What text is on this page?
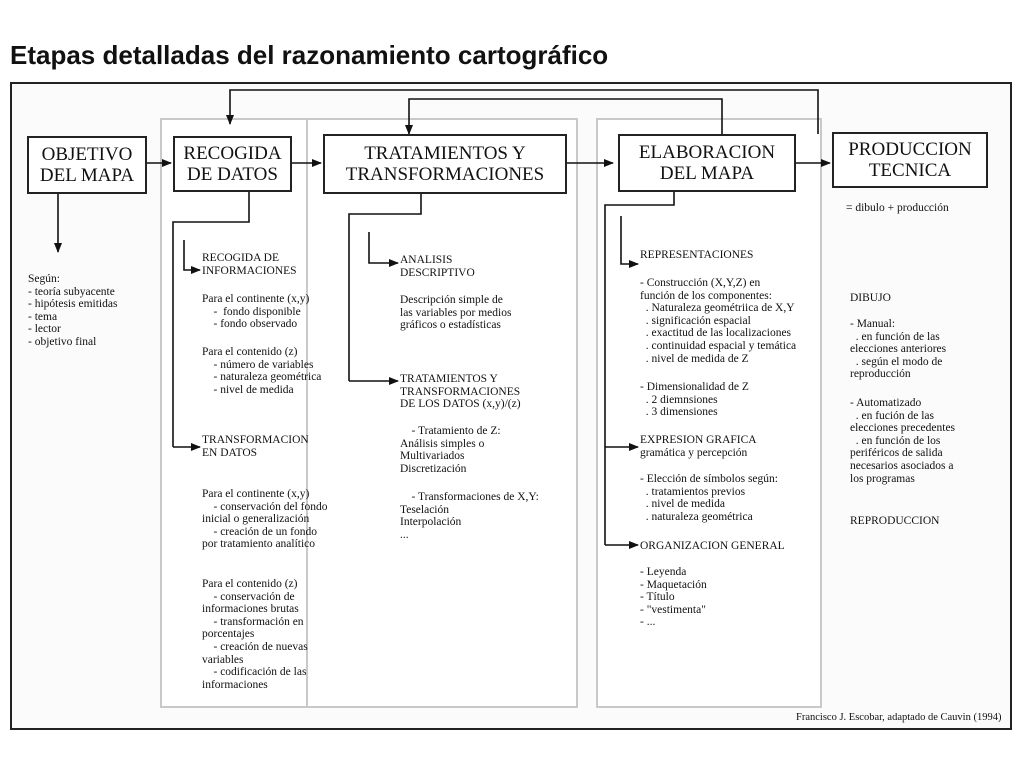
Etapas detalladas del razonamiento cartográfico
OBJETIVO
DEL MAPA
RECOGIDA
DE DATOS
TRATAMIENTOS Y
TRANSFORMACIONES
ELABORACION
DEL MAPA
PRODUCCION
TECNICA
Según:
- teoría subyacente
- hipótesis emitidas
- tema
- lector
- objetivo final
RECOGIDA DE
INFORMACIONES
Para el continente (x,y)
-  fondo disponible
- fondo observado
Para el contenido (z)
- número de variables
- naturaleza geométrica
- nivel de medida
TRANSFORMACION
EN DATOS
Para el continente (x,y)
- conservación del fondo
inicial o generalización
- creación de un fondo
por tratamiento analítico
Para el contenido (z)
- conservación de
informaciones brutas
- transformación en
porcentajes
- creación de nuevas
variables
- codificación de las
informaciones
ANALISIS
DESCRIPTIVO
Descripción simple de
las variables por medios
gráficos o estadísticas
TRATAMIENTOS Y
TRANSFORMACIONES
DE LOS DATOS (x,y)/(z)
- Tratamiento de Z:
Análisis simples o
Multivariados
Discretización
- Transformaciones de X,Y:
Teselación
Interpolación
...
REPRESENTACIONES
- Construcción (X,Y,Z) en
función de los componentes:
. Naturaleza geométriica de X,Y
. significación espacial
. exactitud de las localizaciones
. continuidad espacial y temática
. nivel de medida de Z
- Dimensionalidad de Z
. 2 diemnsiones
. 3 dimensiones
EXPRESION GRAFICA
gramática y percepción
- Elección de símbolos según:
. tratamientos previos
. nivel de medida
. naturaleza geométrica
ORGANIZACION GENERAL
- Leyenda
- Maquetación
- Título
- "vestimenta"
- ...
= dibulo + producción
DIBUJO
- Manual:
. en función de las
elecciones anteriores
. según el modo de
reproducción
- Automatizado
. en fución de las
elecciones precedentes
. en función de los
periféricos de salida
necesarios asociados a
los programas
REPRODUCCION
Francisco J. Escobar, adaptado de Cauvin (1994)
